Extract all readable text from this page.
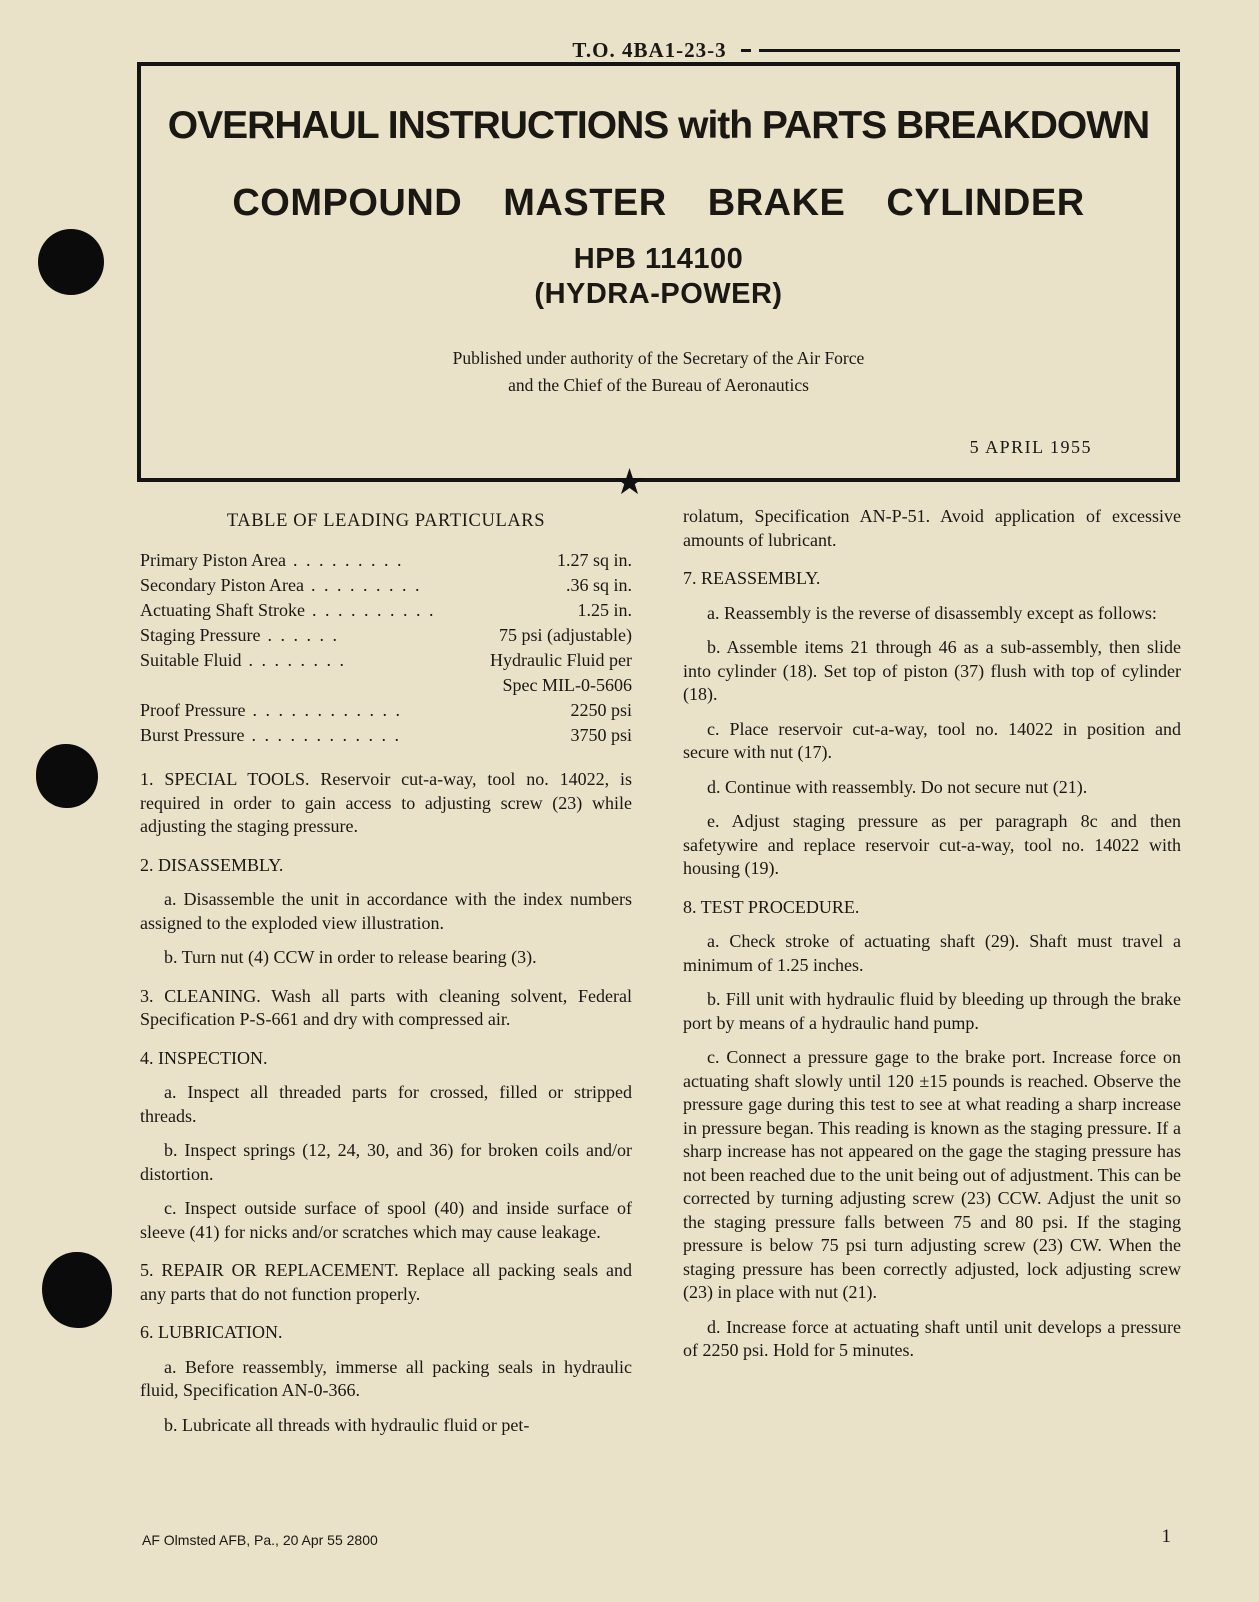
T.O. 4BA1-23-3
OVERHAUL INSTRUCTIONS with PARTS BREAKDOWN
COMPOUND MASTER BRAKE CYLINDER
HPB 114100
(HYDRA-POWER)
Published under authority of the Secretary of the Air Force
and the Chief of the Bureau of Aeronautics
5 APRIL 1955
★
TABLE OF LEADING PARTICULARS
Primary Piston Area . . . . . . . . .	1.27 sq in.
Secondary Piston Area . . . . . . . . .	.36 sq in.
Actuating Shaft Stroke . . . . . . . . . .	1.25 in.
Staging Pressure . . . . . .	75 psi (adjustable)
Suitable Fluid . . . . . . . .	Hydraulic Fluid per
Spec MIL-0-5606
Proof Pressure . . . . . . . . . . . .	2250 psi
Burst Pressure . . . . . . . . . . . .	3750 psi

1. SPECIAL TOOLS. Reservoir cut-a-way, tool no. 14022, is required in order to gain access to adjusting screw (23) while adjusting the staging pressure.

2. DISASSEMBLY.

a. Disassemble the unit in accordance with the index numbers assigned to the exploded view illustration.

b. Turn nut (4) CCW in order to release bearing (3).

3. CLEANING. Wash all parts with cleaning solvent, Federal Specification P-S-661 and dry with compressed air.

4. INSPECTION.

a. Inspect all threaded parts for crossed, filled or stripped threads.

b. Inspect springs (12, 24, 30, and 36) for broken coils and/or distortion.

c. Inspect outside surface of spool (40) and inside surface of sleeve (41) for nicks and/or scratches which may cause leakage.

5. REPAIR OR REPLACEMENT. Replace all packing seals and any parts that do not function properly.

6. LUBRICATION.

a. Before reassembly, immerse all packing seals in hydraulic fluid, Specification AN-0-366.

b. Lubricate all threads with hydraulic fluid or pet-

rolatum, Specification AN-P-51. Avoid application of excessive amounts of lubricant.

7. REASSEMBLY.

a. Reassembly is the reverse of disassembly except as follows:

b. Assemble items 21 through 46 as a sub-assembly, then slide into cylinder (18). Set top of piston (37) flush with top of cylinder (18).

c. Place reservoir cut-a-way, tool no. 14022 in position and secure with nut (17).

d. Continue with reassembly. Do not secure nut (21).

e. Adjust staging pressure as per paragraph 8c and then safetywire and replace reservoir cut-a-way, tool no. 14022 with housing (19).

8. TEST PROCEDURE.

a. Check stroke of actuating shaft (29). Shaft must travel a minimum of 1.25 inches.

b. Fill unit with hydraulic fluid by bleeding up through the brake port by means of a hydraulic hand pump.

c. Connect a pressure gage to the brake port. Increase force on actuating shaft slowly until 120 ±15 pounds is reached. Observe the pressure gage during this test to see at what reading a sharp increase in pressure began. This reading is known as the staging pressure. If a sharp increase has not appeared on the gage the staging pressure has not been reached due to the unit being out of adjustment. This can be corrected by turning adjusting screw (23) CCW. Adjust the unit so the staging pressure falls between 75 and 80 psi. If the staging pressure is below 75 psi turn adjusting screw (23) CW. When the staging pressure has been correctly adjusted, lock adjusting screw (23) in place with nut (21).

d. Increase force at actuating shaft until unit develops a pressure of 2250 psi. Hold for 5 minutes.

AF Olmsted AFB, Pa., 20 Apr 55 2800	1
